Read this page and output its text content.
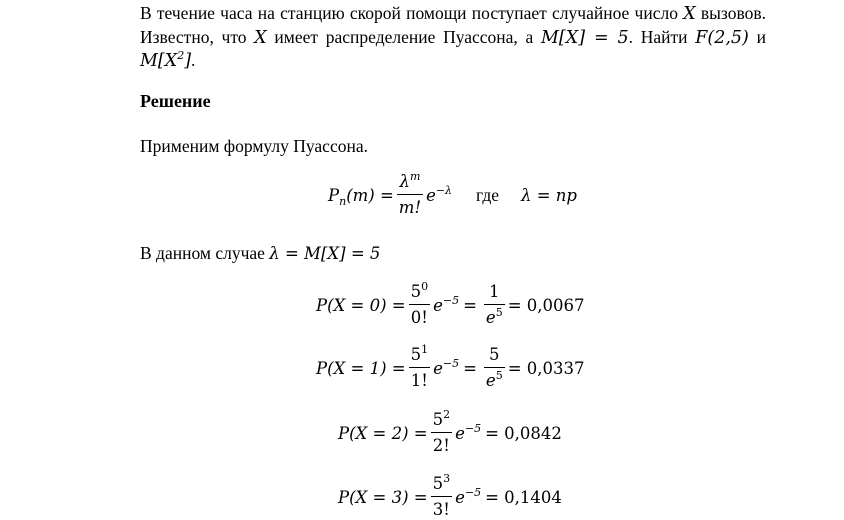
В течение часа на станцию скорой помощи поступает случайное число X вызовов. Известно, что X имеет распределение Пуассона, а M[X] = 5. Найти F(2,5) и $M[X^2]$.
Решение
Применим формулу Пуассона.
$P_n(m) = \frac{\lambda^m}{m!} e^{-\lambda}$ где λ = np
В данном случае λ = M[X] = 5
$P(X = 0) = \frac{5^0}{0!} e^{-5} = \frac{1}{e^5} = 0,0067$
$P(X = 1) = \frac{5^1}{1!} e^{-5} = \frac{5}{e^5} = 0,0337$
$P(X = 2) = \frac{5^2}{2!} e^{-5} = 0,0842$
$P(X = 3) = \frac{5^3}{3!} e^{-5} = 0,1404$
